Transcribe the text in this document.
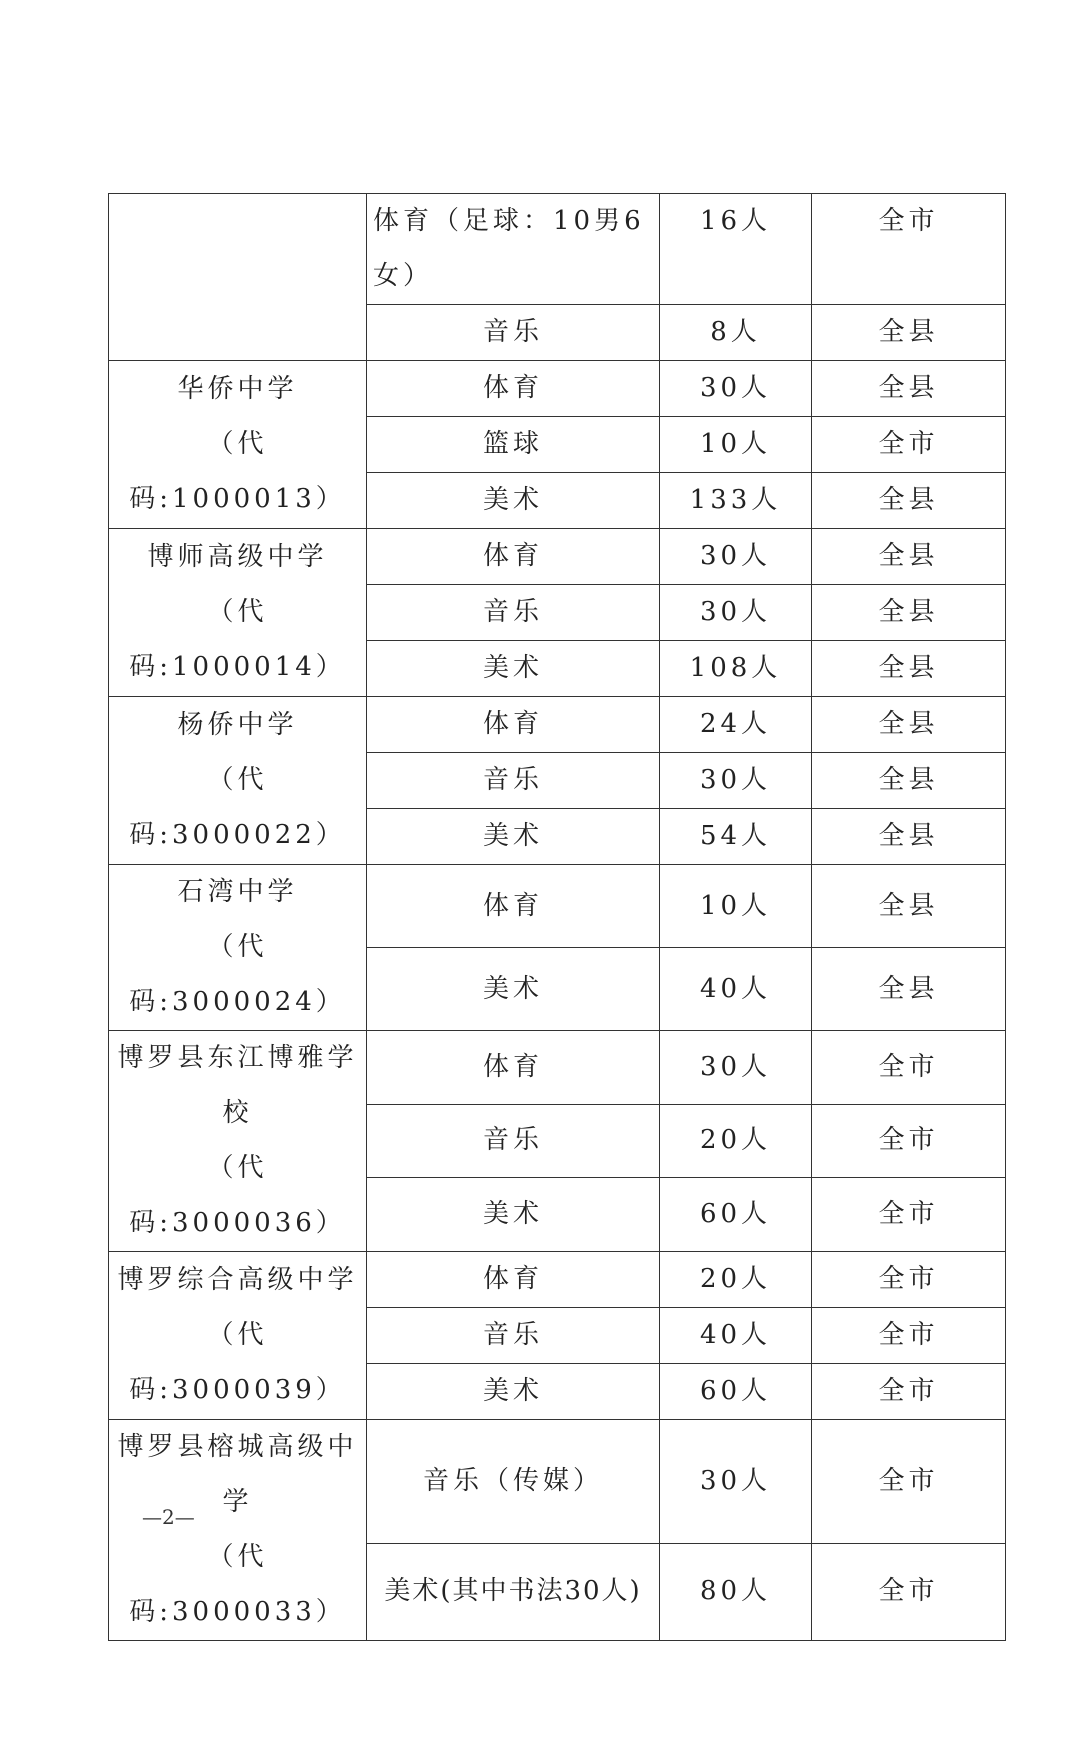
	体育（足球：10男6女）	16人	全市
	音乐	8人	全县

华侨中学
（代码:1000013）	体育	30人	全县
	篮球	10人	全市
	美术	133人	全县

博师高级中学
（代码:1000014）	体育	30人	全县
	音乐	30人	全县
	美术	108人	全县

杨侨中学
（代码:3000022）	体育	24人	全县
	音乐	30人	全县
	美术	54人	全县

石湾中学
（代码:3000024）	体育	10人	全县
	美术	40人	全县

博罗县东江博雅学校
（代码:3000036）	体育	30人	全市
	音乐	20人	全市
	美术	60人	全市

博罗综合高级中学
（代码:3000039）	体育	20人	全市
	音乐	40人	全市
	美术	60人	全市

博罗县榕城高级中学
（代码:3000033）	音乐（传媒）	30人	全市
	美术(其中书法30人)	80人	全市
—2—
